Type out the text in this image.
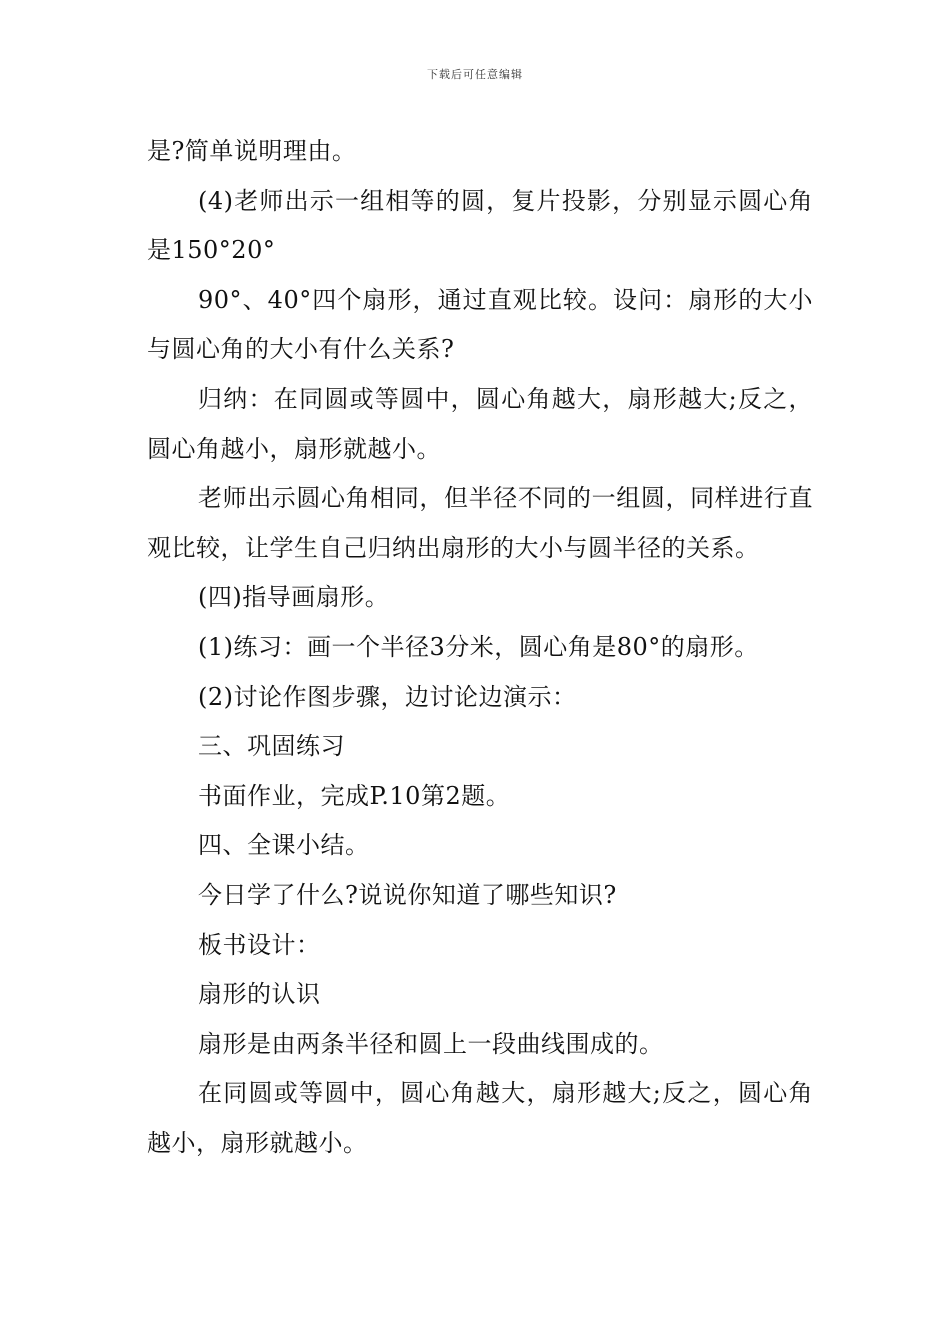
下载后可任意编辑

是?简单说明理由。

(4)老师出示一组相等的圆，复片投影，分别显示圆心角是150°20°

90°、40°四个扇形，通过直观比较。设问：扇形的大小与圆心角的大小有什么关系?

归纳：在同圆或等圆中，圆心角越大，扇形越大;反之，圆心角越小，扇形就越小。

老师出示圆心角相同，但半径不同的一组圆，同样进行直观比较，让学生自己归纳出扇形的大小与圆半径的关系。

(四)指导画扇形。

(1)练习：画一个半径3分米，圆心角是80°的扇形。

(2)讨论作图步骤，边讨论边演示：

三、巩固练习

书面作业，完成P.10第2题。

四、全课小结。

今日学了什么?说说你知道了哪些知识?

板书设计：

扇形的认识

扇形是由两条半径和圆上一段曲线围成的。

在同圆或等圆中，圆心角越大，扇形越大;反之，圆心角越小，扇形就越小。
